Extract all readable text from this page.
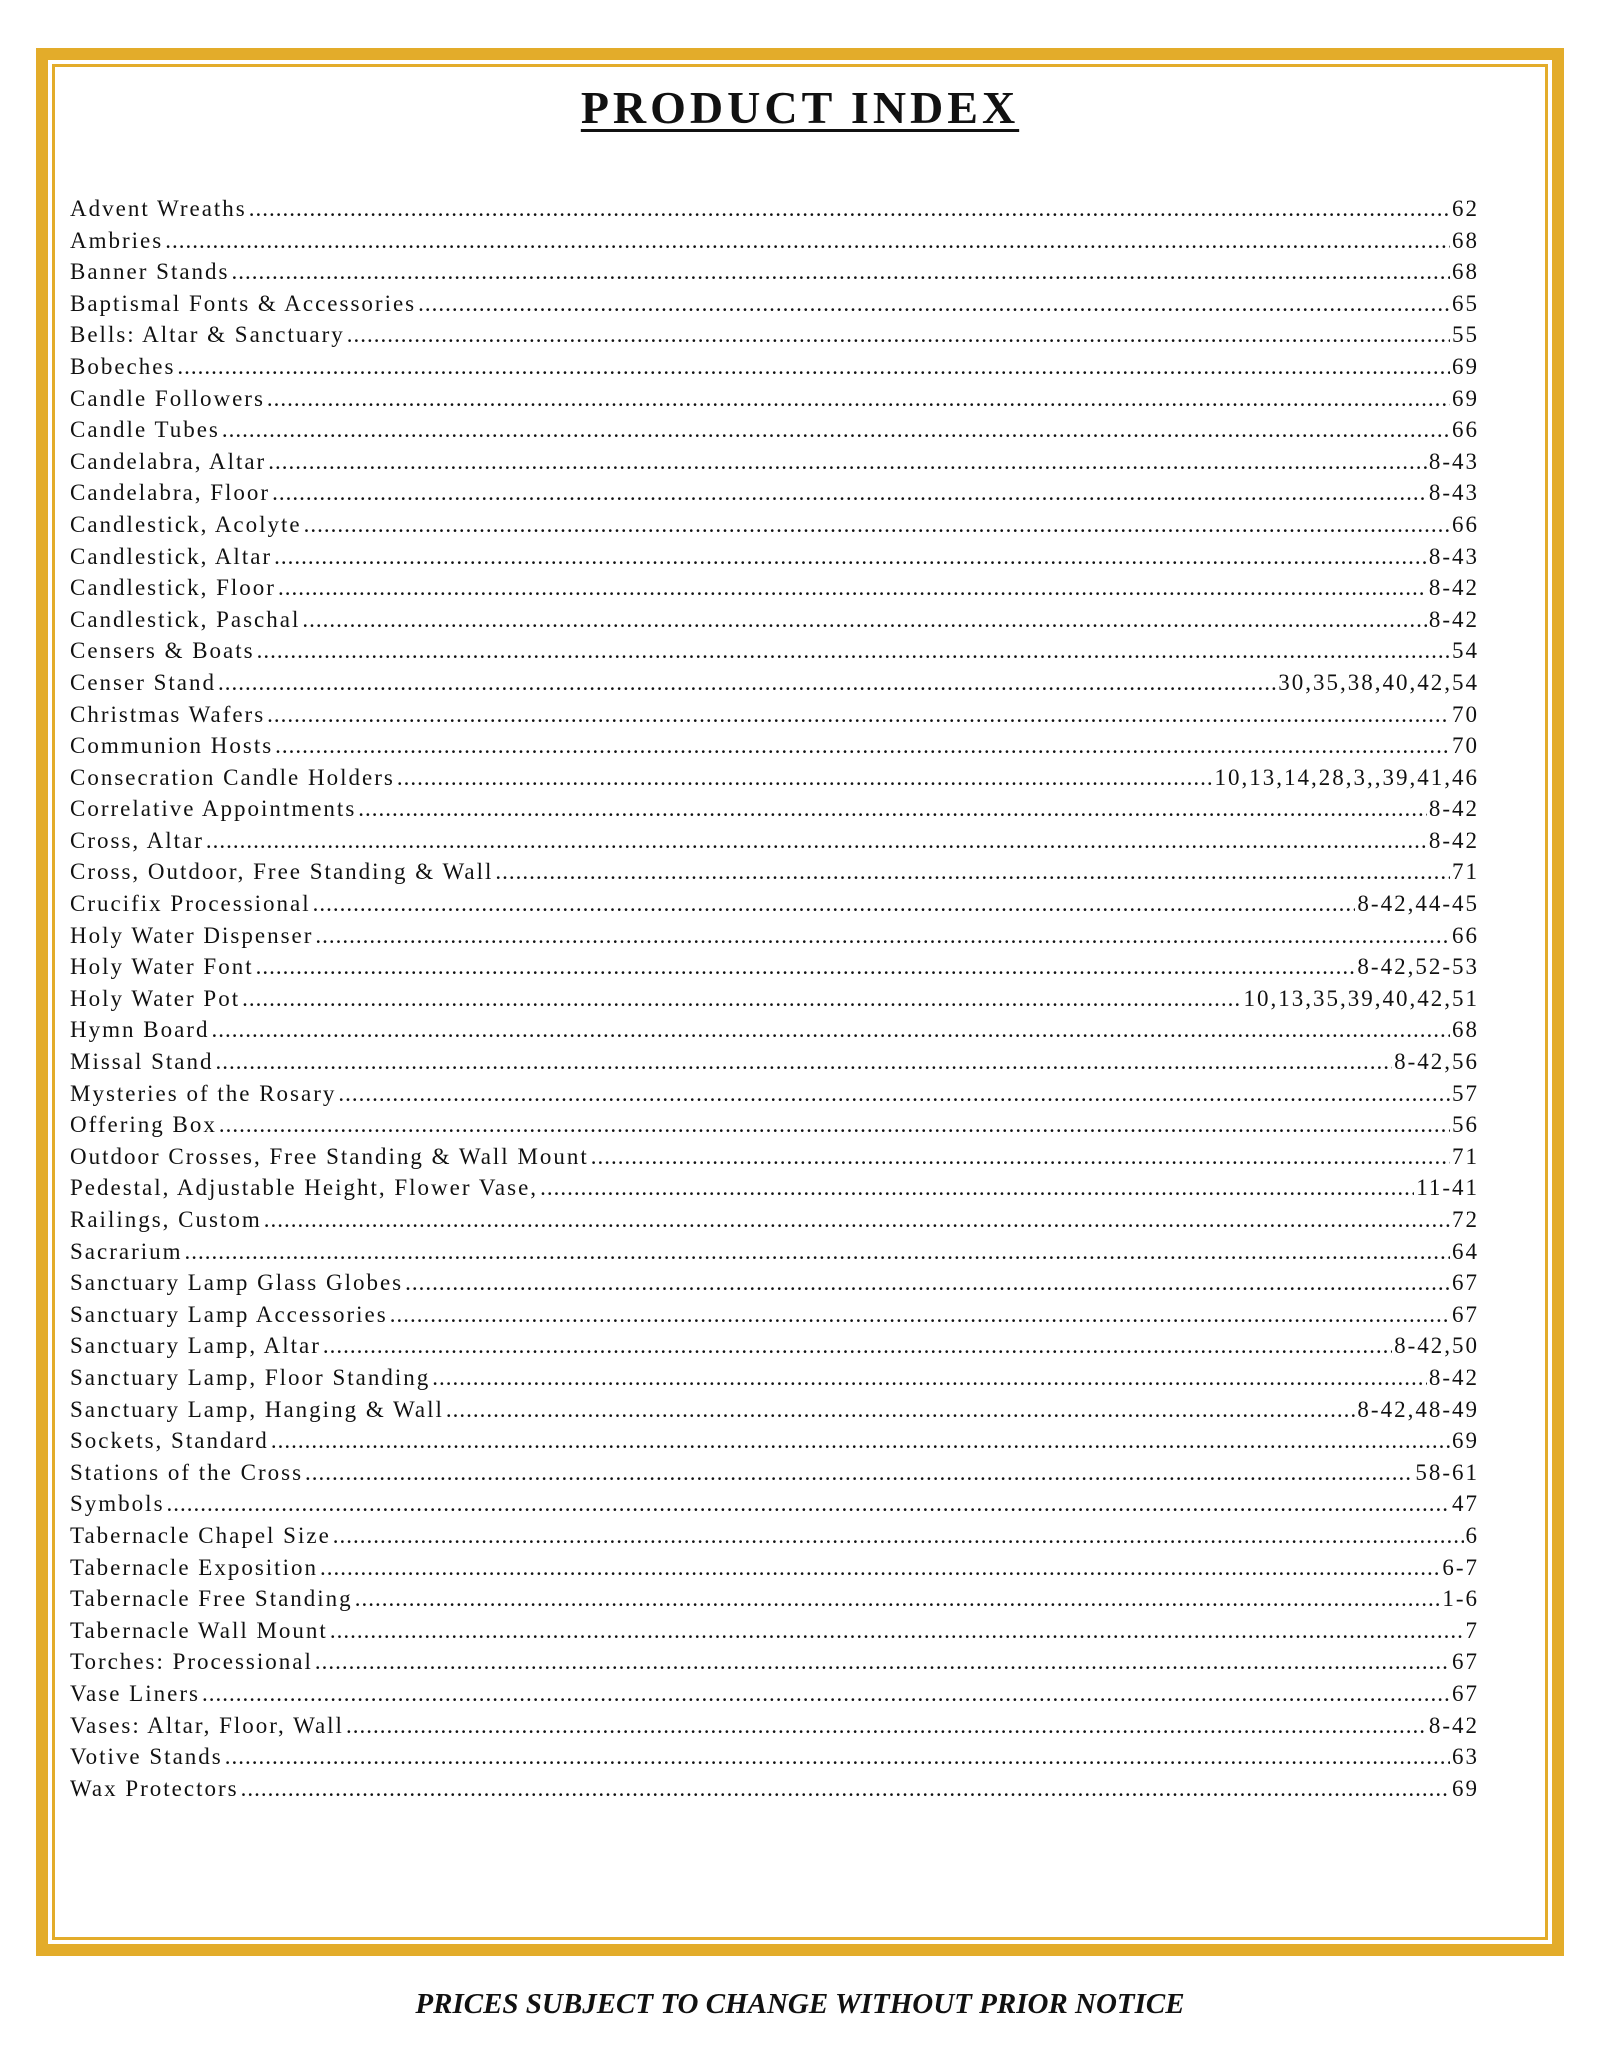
PRODUCT INDEX
Advent Wreaths .....	62
Ambries .....	68
Banner Stands .....	68
Baptismal Fonts & Accessories .....	65
Bells: Altar & Sanctuary .....	55
Bobeches .....	69
Candle Followers .....	69
Candle Tubes .....	66
Candelabra, Altar .....	8-43
Candelabra, Floor .....	8-43
Candlestick, Acolyte .....	66
Candlestick, Altar .....	8-43
Candlestick, Floor .....	8-42
Candlestick, Paschal .....	8-42
Censers & Boats .....	54
Censer Stand .....	30,35,38,40,42,54
Christmas Wafers .....	70
Communion Hosts .....	70
Consecration Candle Holders .....	10,13,14,28,3,,39,41,46
Correlative Appointments .....	8-42
Cross, Altar .....	8-42
Cross, Outdoor, Free Standing & Wall .....	71
Crucifix Processional .....	8-42,44-45
Holy Water Dispenser .....	66
Holy Water Font .....	8-42,52-53
Holy Water Pot .....	10,13,35,39,40,42,51
Hymn Board .....	68
Missal Stand .....	8-42,56
Mysteries of the Rosary .....	57
Offering Box .....	56
Outdoor Crosses, Free Standing & Wall Mount .....	71
Pedestal, Adjustable Height, Flower Vase, .....	11-41
Railings, Custom .....	72
Sacrarium .....	64
Sanctuary Lamp Glass Globes .....	67
Sanctuary Lamp Accessories .....	67
Sanctuary Lamp, Altar .....	8-42,50
Sanctuary Lamp, Floor Standing .....	8-42
Sanctuary Lamp, Hanging & Wall .....	8-42,48-49
Sockets, Standard .....	69
Stations of the Cross .....	58-61
Symbols .....	47
Tabernacle Chapel Size .....	6
Tabernacle Exposition .....	6-7
Tabernacle Free Standing .....	1-6
Tabernacle Wall Mount .....	7
Torches: Processional .....	67
Vase Liners .....	67
Vases: Altar, Floor, Wall .....	8-42
Votive Stands .....	63
Wax Protectors .....	69

PRICES SUBJECT TO CHANGE WITHOUT PRIOR NOTICE
